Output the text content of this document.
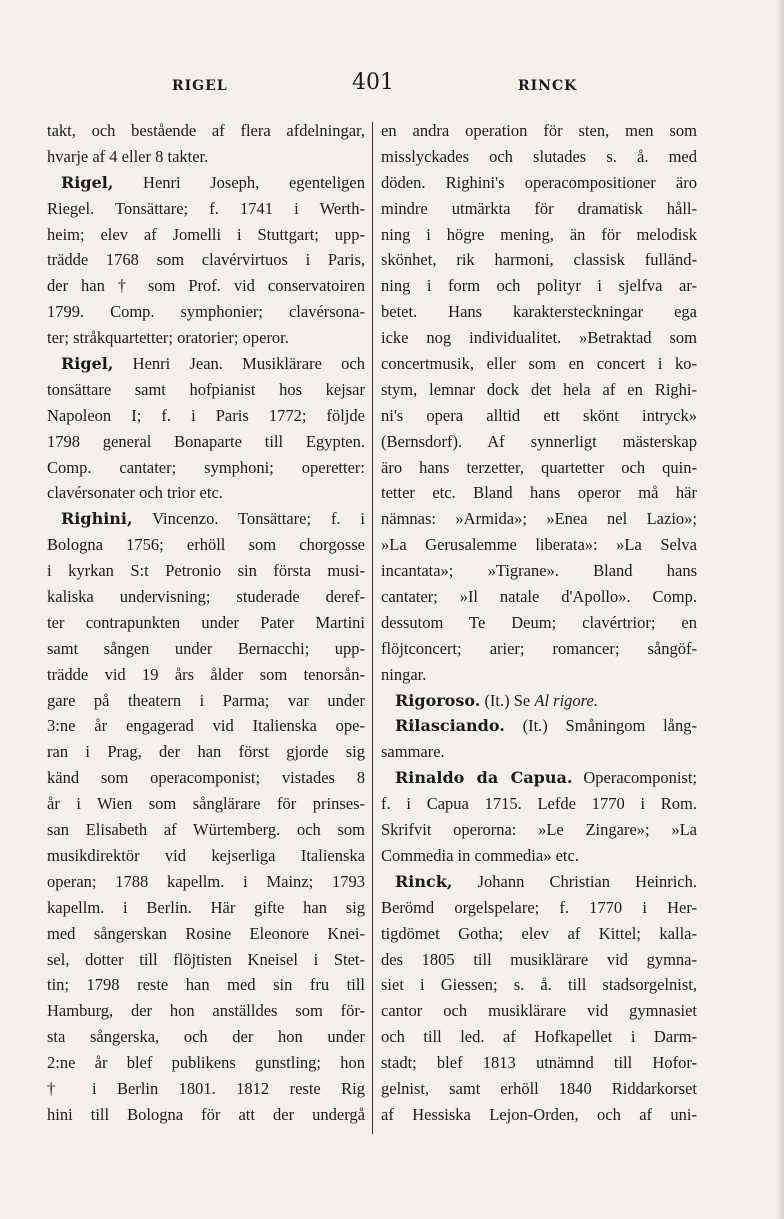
RIGEL	401	RINCK
takt, och bestående af flera afdelningar,
hvarje af 4 eller 8 takter.
Rigel, Henri Joseph, egenteligen
Riegel. Tonsättare; f. 1741 i Werth-
heim; elev af Jomelli i Stuttgart; upp-
trädde 1768 som clavérvirtuos i Paris,
der han † som Prof. vid conservatoiren
1799. Comp. symphonier; clavérsona-
ter; stråkquartetter; oratorier; operor.
Rigel, Henri Jean. Musiklärare och
tonsättare samt hofpianist hos kejsar
Napoleon I; f. i Paris 1772; följde
1798 general Bonaparte till Egypten.
Comp. cantater; symphoni; operetter:
clavérsonater och trior etc.
Righini, Vincenzo. Tonsättare; f. i
Bologna 1756; erhöll som chorgosse
i kyrkan S:t Petronio sin första musi-
kaliska undervisning; studerade deref-
ter contrapunkten under Pater Martini
samt sången under Bernacchi; upp-
trädde vid 19 års ålder som tenorsån-
gare på theatern i Parma; var under
3:ne år engagerad vid Italienska ope-
ran i Prag, der han först gjorde sig
känd som operacomponist; vistades 8
år i Wien som sånglärare för prinses-
san Elisabeth af Würtemberg. och som
musikdirektör vid kejserliga Italienska
operan; 1788 kapellm. i Mainz; 1793
kapellm. i Berlin. Här gifte han sig
med sångerskan Rosine Eleonore Knei-
sel, dotter till flöjtisten Kneisel i Stet-
tin; 1798 reste han med sin fru till
Hamburg, der hon anställdes som för-
sta sångerska, och der hon under
2:ne år blef publikens gunstling; hon
† i Berlin 1801. 1812 reste Rig
hini till Bologna för att der undergå
en andra operation för sten, men som
misslyckades och slutades s. å. med
döden. Righini's operacompositioner äro
mindre utmärkta för dramatisk håll-
ning i högre mening, än för melodisk
skönhet, rik harmoni, classisk fulländ-
ning i form och polityr i sjelfva ar-
betet. Hans karaktersteckningar ega
icke nog individualitet. »Betraktad som
concertmusik, eller som en concert i ko-
stym, lemnar dock det hela af en Righi-
ni's opera alltid ett skönt intryck»
(Bernsdorf). Af synnerligt mästerskap
äro hans terzetter, quartetter och quin-
tetter etc. Bland hans operor må här
nämnas: »Armida»; »Enea nel Lazio»;
»La Gerusalemme liberata»: »La Selva
incantata»; »Tigrane». Bland hans
cantater; »Il natale d'Apollo». Comp.
dessutom Te Deum; clavértrior; en
flöjtconcert; arier; romancer; sångöf-
ningar.
Rigoroso. (It.) Se Al rigore.
Rilasciando. (It.) Småningom lång-
sammare.
Rinaldo da Capua. Operacomponist;
f. i Capua 1715. Lefde 1770 i Rom.
Skrifvit operorna: »Le Zingare»; »La
Commedia in commedia» etc.
Rinck, Johann Christian Heinrich.
Berömd orgelspelare; f. 1770 i Her-
tigdömet Gotha; elev af Kittel; kalla-
des 1805 till musiklärare vid gymna-
siet i Giessen; s. å. till stadsorgelnist,
cantor och musiklärare vid gymnasiet
och till led. af Hofkapellet i Darm-
stadt; blef 1813 utnämnd till Hofor-
gelnist, samt erhöll 1840 Riddarkorset
af Hessiska Lejon-Orden, och af uni-
